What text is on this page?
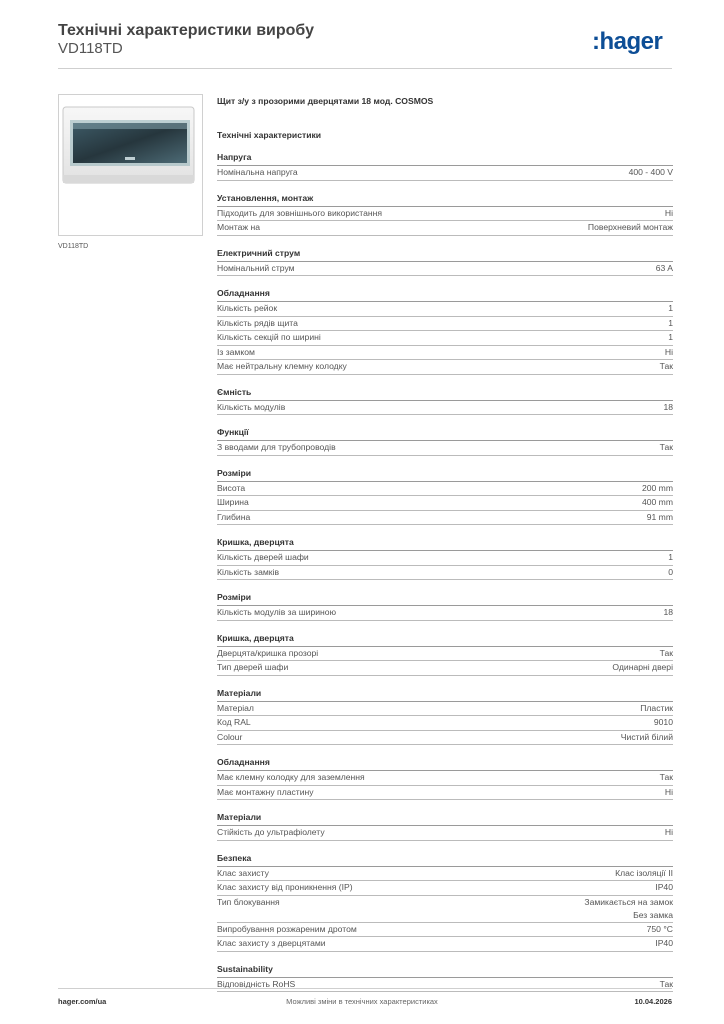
Технічні характеристики виробу
VD118TD	:hager
VD118TD
Щит з/у з прозорими дверцятами 18 мод. COSMOS
Технічні характеристики
Напруга
Номінальна напруга	400 - 400 V
Установлення, монтаж
Підходить для зовнішнього використання	Ні
Монтаж на	Поверхневий монтаж
Електричний струм
Номінальний струм	63 A
Обладнання
Кількість рейок	1
Кількість рядів щита	1
Кількість секцій по ширині	1
Із замком	Ні
Має нейтральну клемну колодку	Так
Ємність
Кількість модулів	18
Функції
З вводами для трубопроводів	Так
Розміри
Висота	200 mm
Ширина	400 mm
Глибина	91 mm
Кришка, дверцята
Кількість дверей шафи	1
Кількість замків	0
Розміри
Кількість модулів за шириною	18
Кришка, дверцята
Дверцята/кришка прозорі	Так
Тип дверей шафи	Одинарні двері
Матеріали
Матеріал	Пластик
Код RAL	9010
Colour	Чистий білий
Обладнання
Має клемну колодку для заземлення	Так
Має монтажну пластину	Ні
Матеріали
Стійкість до ультрафіолету	Ні
Безпека
Клас захисту	Клас ізоляції II
Клас захисту від проникнення (IP)	IP40
Тип блокування	Замикається на замок
Без замка
Випробування розжареним дротом	750 °C
Клас захисту з дверцятами	IP40
Sustainability
Відповідність RoHS	Так
hager.com/ua	Можливі зміни в технічних характеристиках	10.04.2026
